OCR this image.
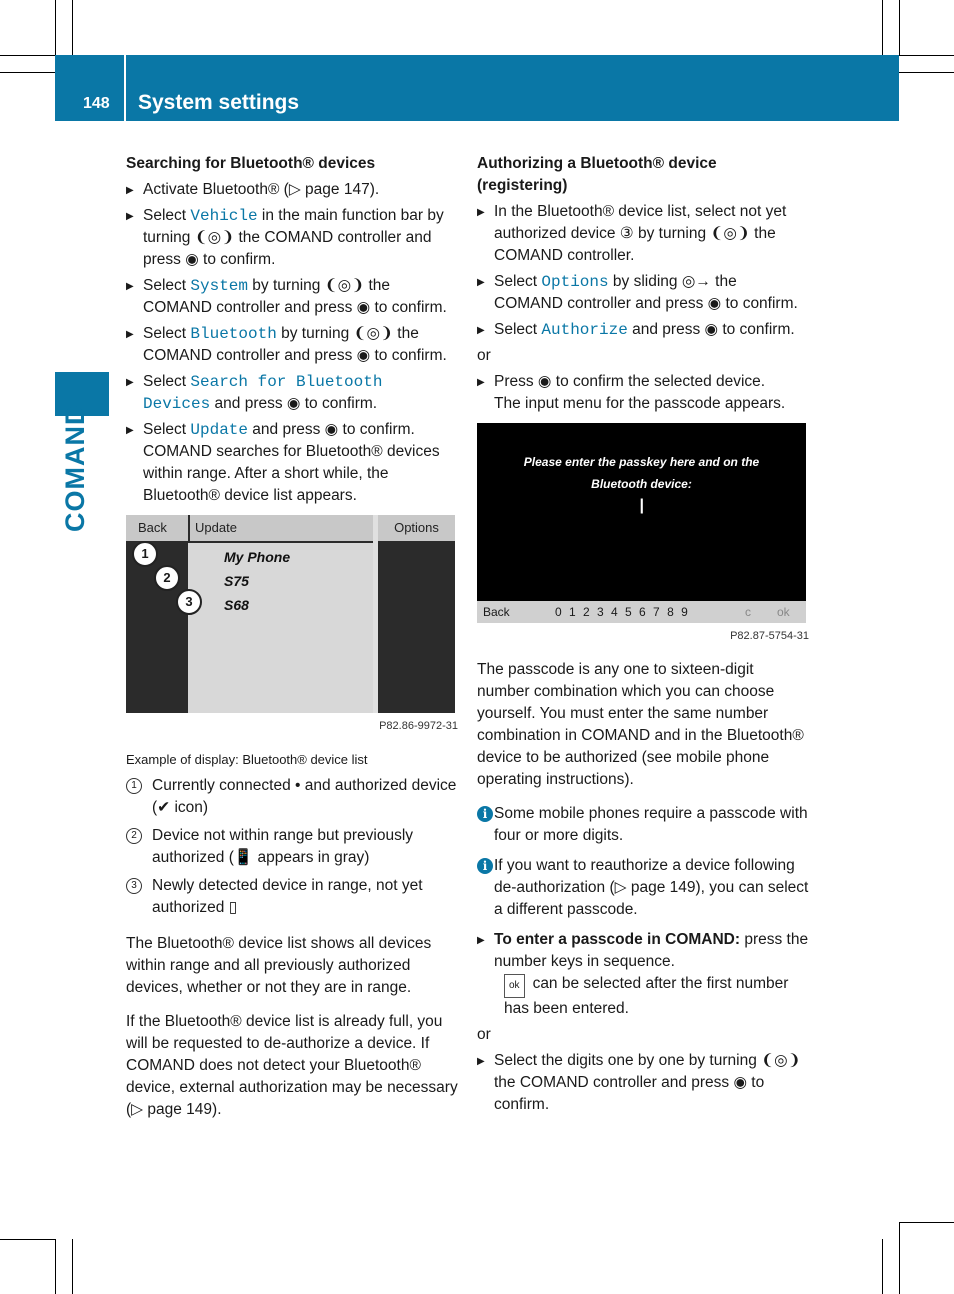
148 System settings
COMAND
Searching for Bluetooth® devices
▶ Activate Bluetooth® (▷ page 147).
▶ Select Vehicle in the main function bar by turning ❨◎❩ the COMAND controller and press ◉ to confirm.
▶ Select System by turning ❨◎❩ the COMAND controller and press ◉ to confirm.
▶ Select Bluetooth by turning ❨◎❩ the COMAND controller and press ◉ to confirm.
▶ Select Search for Bluetooth Devices and press ◉ to confirm.
▶ Select Update and press ◉ to confirm.
COMAND searches for Bluetooth® devices within range. After a short while, the Bluetooth® device list appears.
Back	Update	Options
My Phone
S75
S68
1
2
3
P82.86-9972-31
Example of display: Bluetooth® device list
1 Currently connected • and authorized device (✔ icon)
2 Device not within range but previously authorized (📱 appears in gray)
3 Newly detected device in range, not yet authorized ▯
The Bluetooth® device list shows all devices within range and all previously authorized devices, whether or not they are in range.
If the Bluetooth® device list is already full, you will be requested to de-authorize a device. If COMAND does not detect your Bluetooth® device, external authorization may be necessary (▷ page 149).
Authorizing a Bluetooth® device (registering)
▶ In the Bluetooth® device list, select not yet authorized device ③ by turning ❨◎❩ the COMAND controller.
▶ Select Options by sliding ◎→ the COMAND controller and press ◉ to confirm.
▶ Select Authorize and press ◉ to confirm.
or
▶ Press ◉ to confirm the selected device.
The input menu for the passcode appears.
Please enter the passkey here and on the
Bluetooth device:
|
Back	0 1 2 3 4 5 6 7 8 9	c ok
P82.87-5754-31
The passcode is any one to sixteen-digit number combination which you can choose yourself. You must enter the same number combination in COMAND and in the Bluetooth® device to be authorized (see mobile phone operating instructions).
i Some mobile phones require a passcode with four or more digits.
i If you want to reauthorize a device following de-authorization (▷ page 149), you can select a different passcode.
▶ To enter a passcode in COMAND: press the number keys in sequence.
ok can be selected after the first number has been entered.
or
▶ Select the digits one by one by turning ❨◎❩ the COMAND controller and press ◉ to confirm.
